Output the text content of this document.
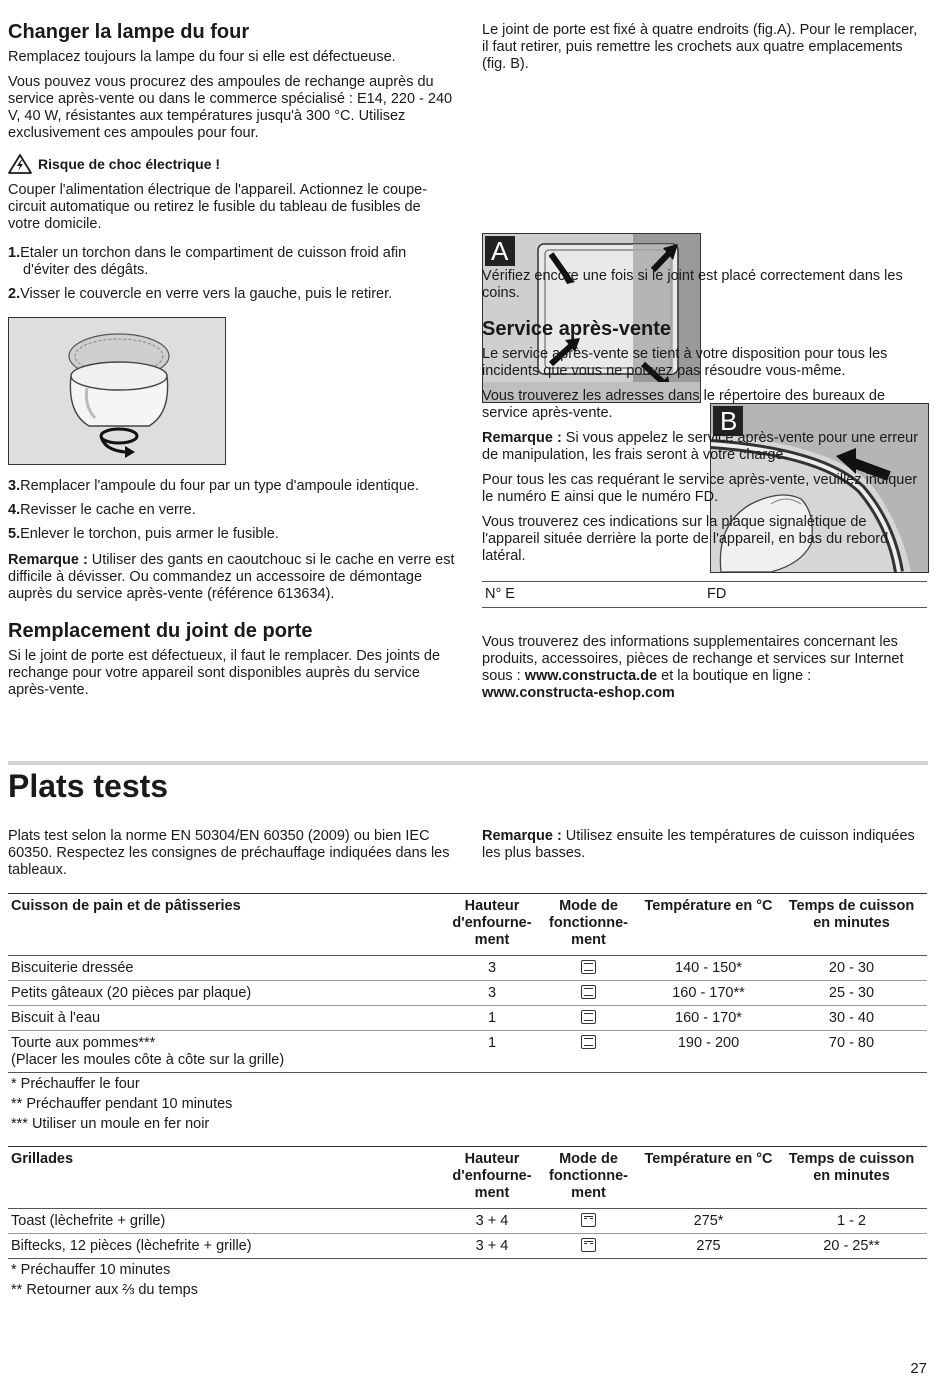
Changer la lampe du four

Remplacez toujours la lampe du four si elle est défectueuse.

Vous pouvez vous procurez des ampoules de rechange auprès du service après-vente ou dans le commerce spécialisé : E14, 220 - 240 V, 40 W, résistantes aux températures jusqu'à 300 °C. Utilisez exclusivement ces ampoules pour four.

Risque de choc électrique !

Couper l'alimentation électrique de l'appareil. Actionnez le coupe-circuit automatique ou retirez le fusible du tableau de fusibles de votre domicile.

1.Etaler un torchon dans le compartiment de cuisson froid afin d'éviter des dégâts.
2.Visser le couvercle en verre vers la gauche, puis le retirer.
3.Remplacer l'ampoule du four par un type d'ampoule identique.
4.Revisser le cache en verre.
5.Enlever le torchon, puis armer le fusible.

Remarque : Utiliser des gants en caoutchouc si le cache en verre est difficile à dévisser. Ou commandez un accessoire de démontage auprès du service après-vente (référence 613634).

Remplacement du joint de porte

Si le joint de porte est défectueux, il faut le remplacer. Des joints de rechange pour votre appareil sont disponibles auprès du service après-vente.

Le joint de porte est fixé à quatre endroits (fig.A). Pour le remplacer, il faut retirer, puis remettre les crochets aux quatre emplacements (fig. B).

A
B

Vérifiez encore une fois si le joint est placé correctement dans les coins.

Service après-vente

Le service après-vente se tient à votre disposition pour tous les incidents que vous ne pouvez pas résoudre vous-même.

Vous trouverez les adresses dans le répertoire des bureaux de service après-vente.

Remarque : Si vous appelez le service après-vente pour une erreur de manipulation, les frais seront à votre charge.

Pour tous les cas requérant le service après-vente, veuillez indiquer le numéro E ainsi que le numéro FD.

Vous trouverez ces indications sur la plaque signalétique de l'appareil située derrière la porte de l'appareil, en bas du rebord latéral.

N° E	FD

Vous trouverez des informations supplementaires concernant les produits, accessoires, pièces de rechange et services sur Internet sous : www.constructa.de et la boutique en ligne : www.constructa-eshop.com

Plats tests
Plats test selon la norme EN 50304/EN 60350 (2009) ou bien IEC 60350. Respectez les consignes de préchauffage indiquées dans les tableaux.
Remarque : Utilisez ensuite les températures de cuisson indiquées les plus basses.
Cuisson de pain et de pâtisseries	Hauteur d'enfourne-ment	Mode de fonctionne-ment	Température en °C	Temps de cuisson en minutes
Biscuiterie dressée	3		140 - 150*	20 - 30
Petits gâteaux (20 pièces par plaque)	3		160 - 170**	25 - 30
Biscuit à l'eau	1		160 - 170*	30 - 40

Tourte aux pommes***
(Placer les moules côte à côte sur la grille)	1		190 - 200	70 - 80
* Préchauffer le four
** Préchauffer pendant 10 minutes
*** Utiliser un moule en fer noir
Grillades	Hauteur d'enfourne-ment	Mode de fonctionne-ment	Température en °C	Temps de cuisson en minutes
Toast (lèchefrite + grille)	3 + 4		275*	1 - 2
Biftecks, 12 pièces (lèchefrite + grille)	3 + 4		275	20 - 25**
* Préchauffer 10 minutes
** Retourner aux ⅔ du temps
27
